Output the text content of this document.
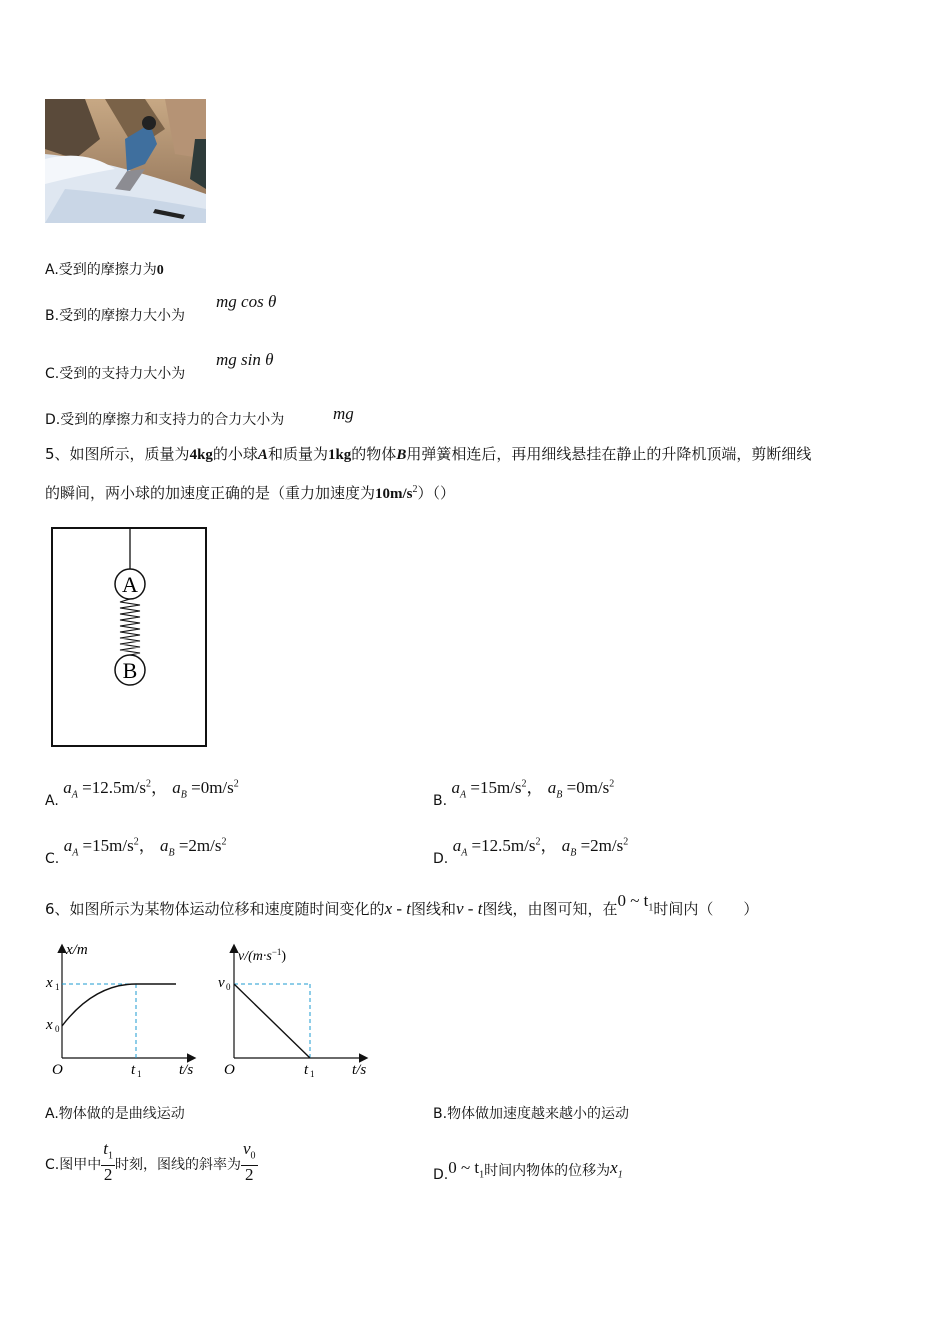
A.受到的摩擦力为0
B.受到的摩擦力大小为
mg cos θ
C.受到的支持力大小为
mg sin θ
D.受到的摩擦力和支持力的合力大小为	mg
5、如图所示，质量为4kg的小球A和质量为1kg的物体B用弹簧相连后，再用细线悬挂在静止的升降机顶端，剪断细线
的瞬间，两小球的加速度正确的是（重力加速度为$10m/s^2)()$
A
B
A. $a_A =12.5m/s^2$， $a_B =0m/s^2$
B. $a_A =15m/s^2$， $a_B =0m/s^2$
C. $a_A =15m/s^2$， $a_B =2m/s^2$
D. $a_A =12.5m/s^2$， $a_B =2m/s^2$
6、如图所示为某物体运动位移和速度随时间变化的x - t图线和v - t图线，由图可知，在0 ~ $t_1$时间内（　　）
x/m
x 1
x 0
O	t 1	t/s
$v/(m\cdot s^{-1})$
v 0
O	t 1	t/s
A.物体做的是曲线运动	B.物体做加速度越来越小的运动
C.图甲中 $\frac{t_1}{2}$ 时刻，图线的斜率为 $\frac{v_0}{2}$	D.0 ~ $t_1$时间内物体的位移为$x_1$
